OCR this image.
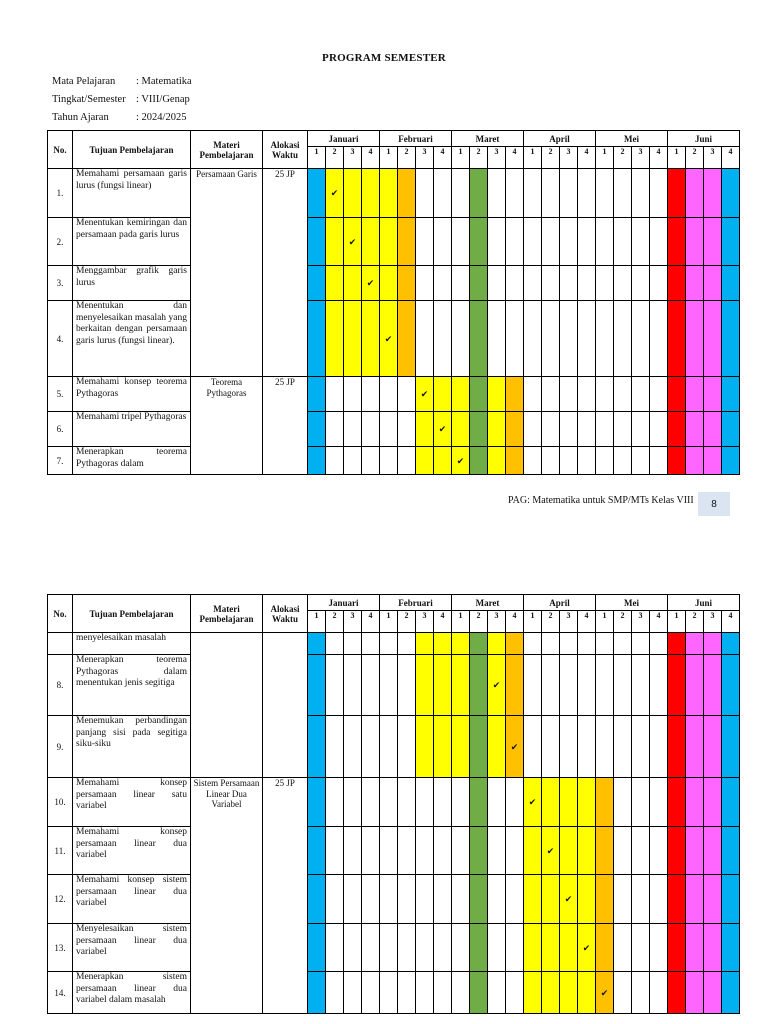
PROGRAM SEMESTER
Mata Pelajaran	: Matematika
Tingkat/Semester : VIII/Genap
Tahun Ajaran	: 2024/2025
No.	Tujuan Pembelajaran	Materi Pembelajaran	Alokasi Waktu	Januari				Februari				Maret				April				Mei				Juni			
				1	2	3	4	1	2	3	4	1	2	3	4	1	2	3	4	1	2	3	4	1	2	3	4
1.	Memahami persamaan garis lurus (fungsi linear)	Persamaan Garis	25 JP		✔																						
2.	Menentukan kemiringan dan persamaan pada garis lurus					✔																					
3.	Menggambar grafik garis lurus						✔																				
4.	Menentukan dan menyelesaikan masalah yang berkaitan dengan persamaan garis lurus (fungsi linear).							✔																			
5.	Memahami konsep teorema Pythagoras	Teorema Pythagoras	25 JP							✔																	
6.	Memahami tripel Pythagoras										✔																
7.	Menerapkan teorema Pythagoras dalam											✔															
PAG: Matematika untuk SMP/MTs Kelas VIII	8
No.	Tujuan Pembelajaran	Materi Pembelajaran	Alokasi Waktu	Januari				Februari				Maret				April				Mei				Juni			
				1	2	3	4	1	2	3	4	1	2	3	4	1	2	3	4	1	2	3	4	1	2	3	4
	menyelesaikan masalah																										
8.	Menerapkan teorema Pythagoras dalam menentukan jenis segitiga													✔													
9.	Menemukan perbandingan panjang sisi pada segitiga siku-siku														✔												
10.	Memahami konsep persamaan linear satu variabel	Sistem Persamaan Linear Dua Variabel	25 JP													✔											
11.	Memahami konsep persamaan linear dua variabel																✔										
12.	Memahami konsep sistem persamaan linear dua variabel																	✔									
13.	Menyelesaikan sistem persamaan linear dua variabel																		✔								
14.	Menerapkan sistem persamaan linear dua variabel dalam masalah																			✔							
